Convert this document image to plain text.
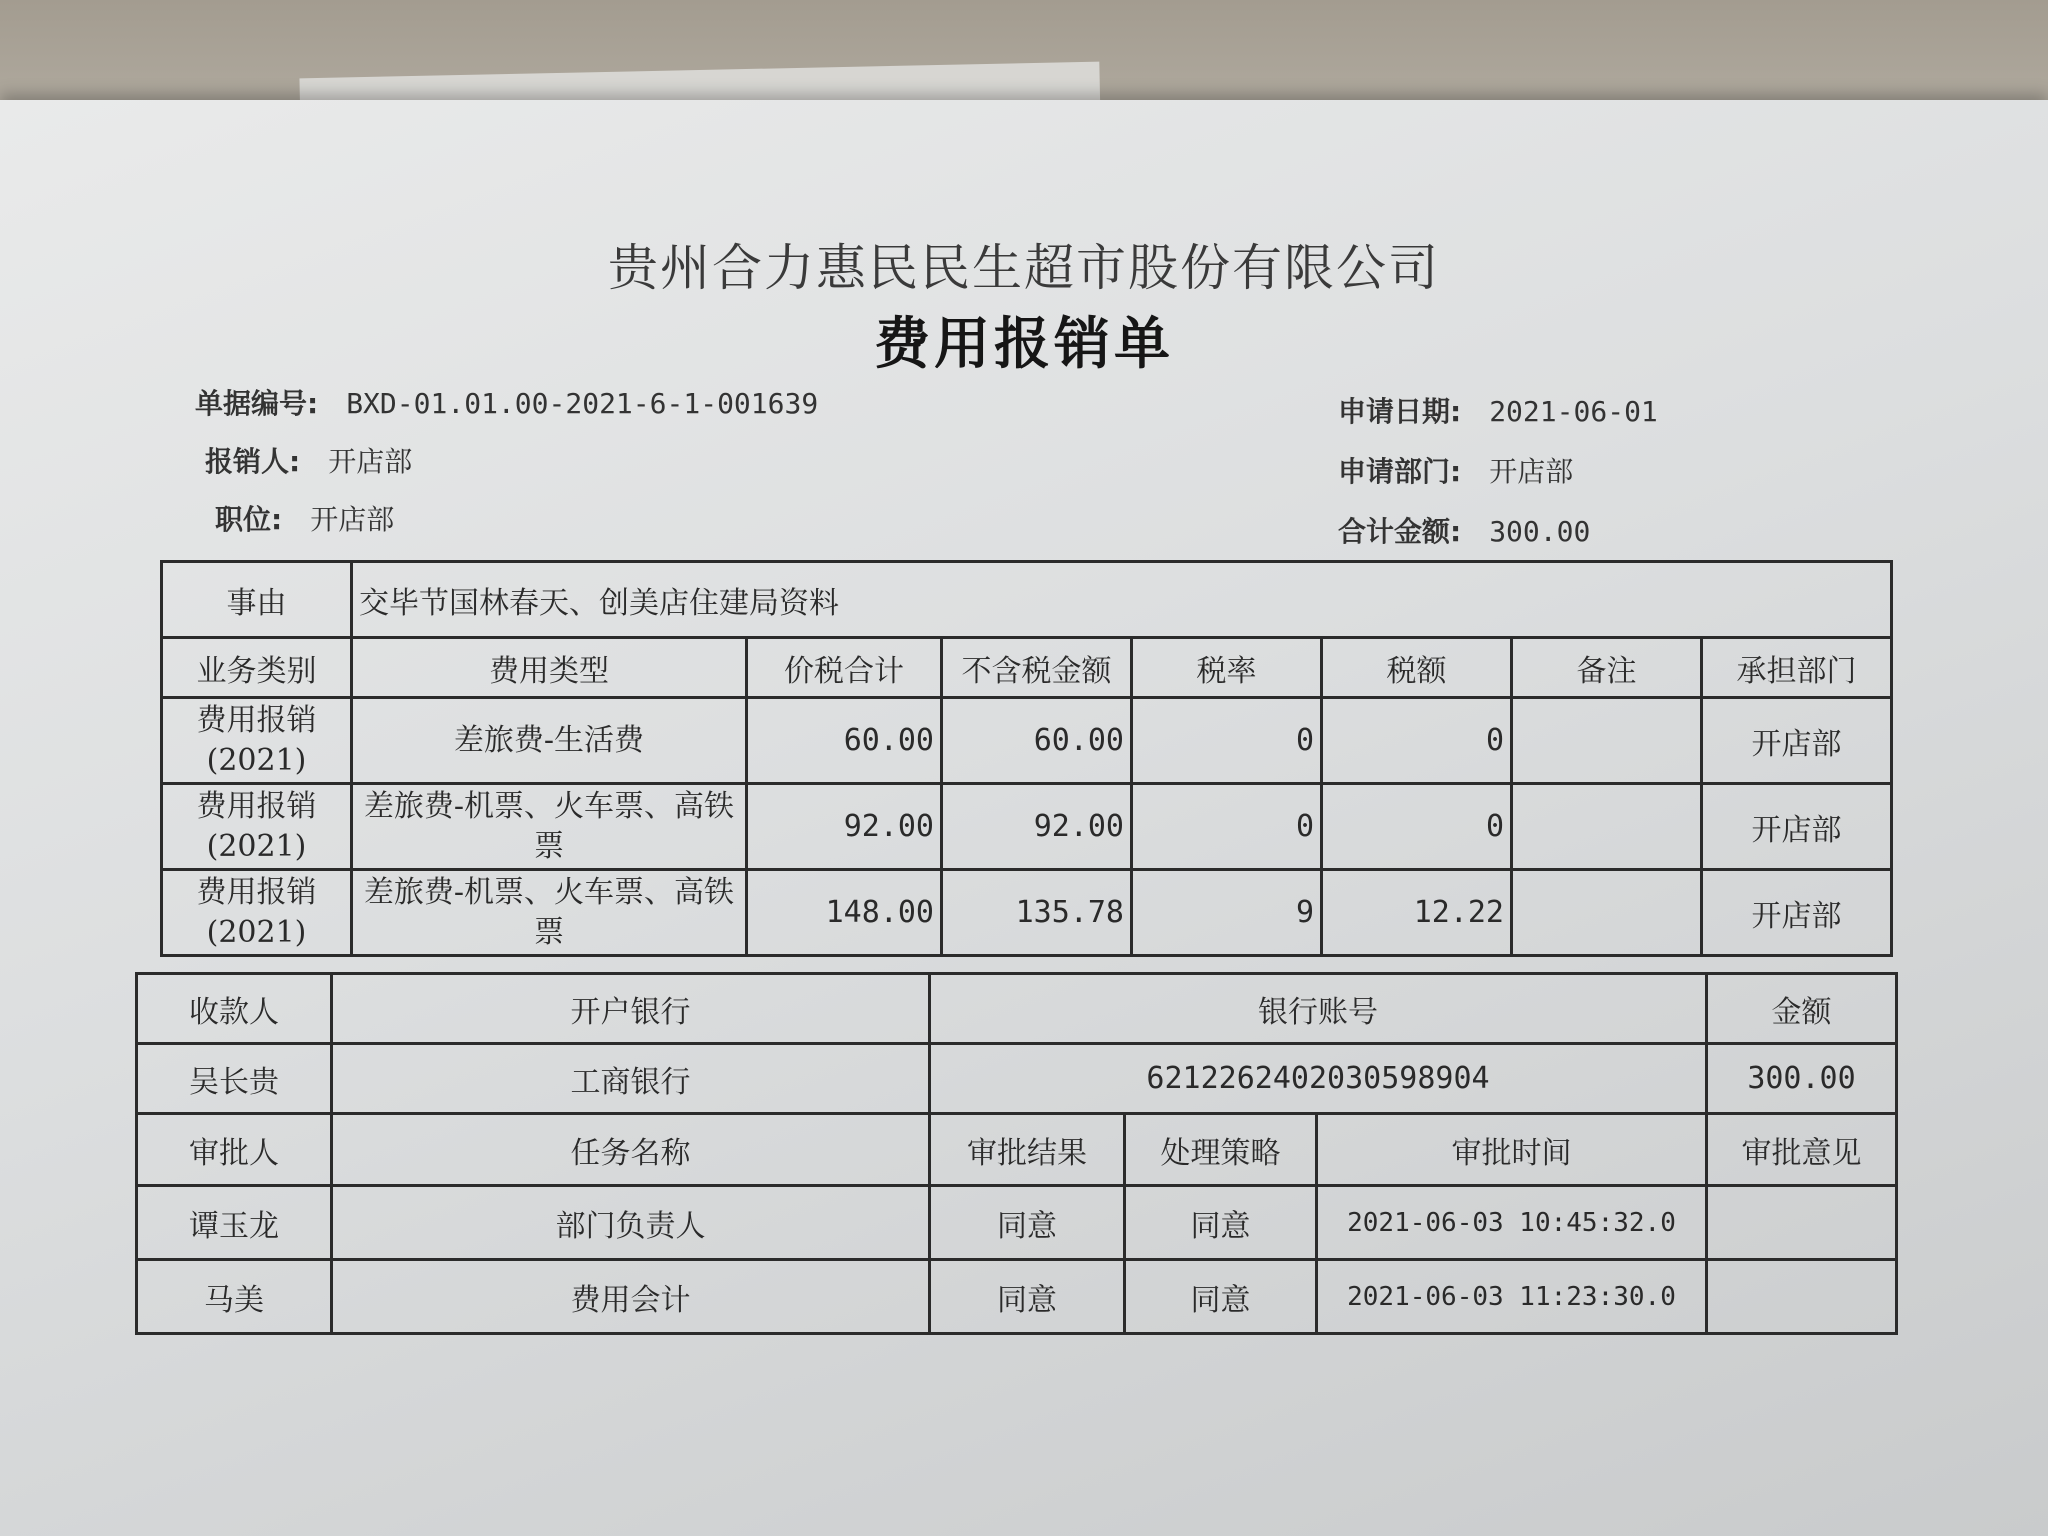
贵州合力惠民民生超市股份有限公司
费用报销单
单据编号: BXD-01.01.00-2021-6-1-001639
报销人: 开店部
职位: 开店部
申请日期: 2021-06-01
申请部门: 开店部
合计金额: 300.00
事由	交毕节国林春天、创美店住建局资料						
业务类别	费用类型	价税合计	不含税金额	税率	税额	备注	承担部门
费用报销(2021)	差旅费-生活费	60.00	60.00	0	0		开店部
费用报销(2021)	差旅费-机票、火车票、高铁票	92.00	92.00	0	0		开店部
费用报销(2021)	差旅费-机票、火车票、高铁票	148.00	135.78	9	12.22		开店部
收款人	开户银行	银行账号			金额
吴长贵	工商银行	6212262402030598904			300.00
审批人	任务名称	审批结果	处理策略	审批时间	审批意见
谭玉龙	部门负责人	同意	同意	2021-06-03 10:45:32.0	
马美	费用会计	同意	同意	2021-06-03 11:23:30.0	
